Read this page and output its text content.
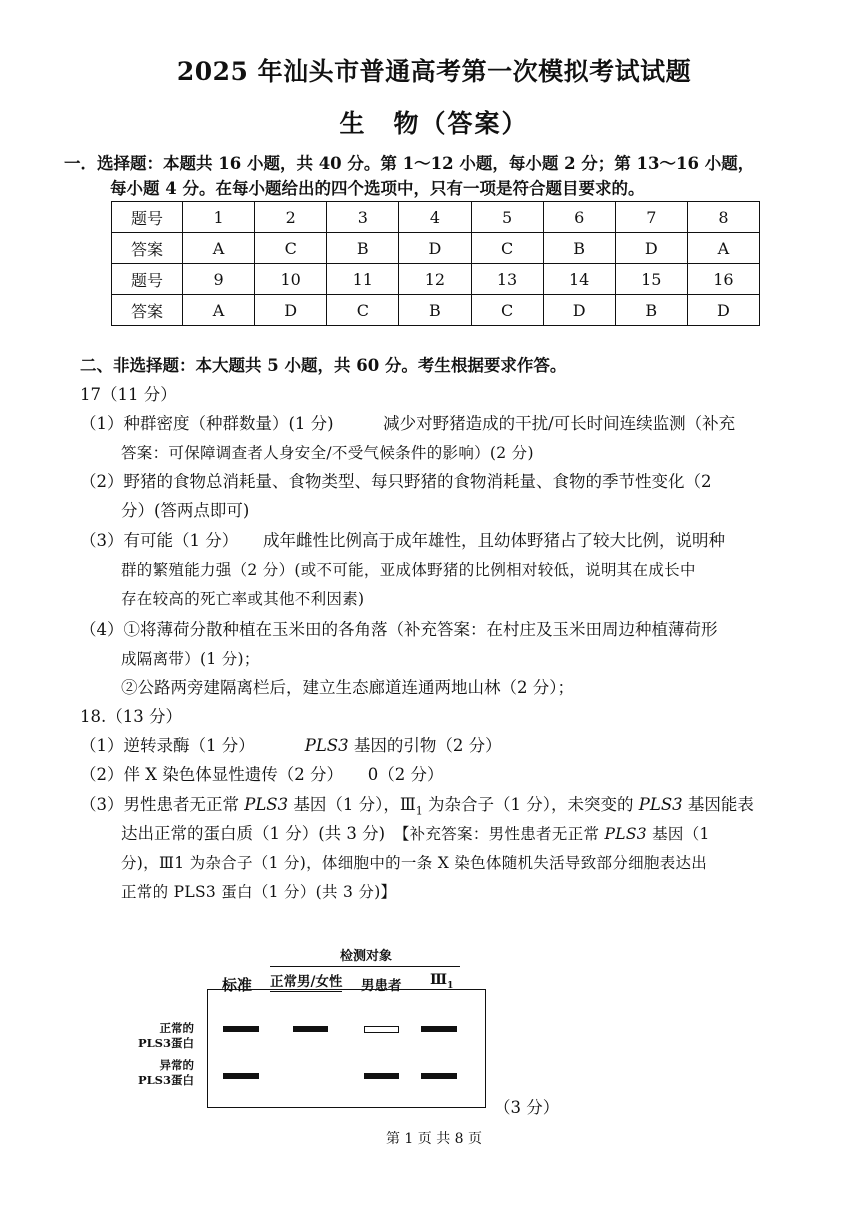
2025 年汕头市普通高考第一次模拟考试试题
生　物（答案）
一．选择题：本题共 16 小题，共 40 分。第 1～12 小题，每小题 2 分；第 13～16 小题，
每小题 4 分。在每小题给出的四个选项中，只有一项是符合题目要求的。
题号	1	2	3	4	5	6	7	8
答案	A	C	B	D	C	B	D	A
题号	9	10	11	12	13	14	15	16
答案	A	D	C	B	C	D	B	D
二、非选择题：本大题共 5 小题，共 60 分。考生根据要求作答。
17（11 分）
（1）种群密度（种群数量）(1 分)　　　减少对野猪造成的干扰/可长时间连续监测（补充
答案：可保障调查者人身安全/不受气候条件的影响）(2 分)
（2）野猪的食物总消耗量、食物类型、每只野猪的食物消耗量、食物的季节性变化（2
分）(答两点即可)
（3）有可能（1 分）　　成年雌性比例高于成年雄性，且幼体野猪占了较大比例，说明种
群的繁殖能力强（2 分）(或不可能，亚成体野猪的比例相对较低，说明其在成长中
存在较高的死亡率或其他不利因素)
（4）①将薄荷分散种植在玉米田的各角落（补充答案：在村庄及玉米田周边种植薄荷形
成隔离带）(1 分)；
②公路两旁建隔离栏后，建立生态廊道连通两地山林（2 分）；
18.（13 分）
（1）逆转录酶（1 分）	PLS3 基因的引物（2 分）
（2）伴 X 染色体显性遗传（2 分）　　0（2 分）
（3）男性患者无正常 PLS3 基因（1 分），$Ⅲ_1$ 为杂合子（1 分），未突变的 PLS3 基因能表
达出正常的蛋白质（1 分）(共 3 分)　【补充答案：男性患者无正常 PLS3 基因（1
分)，Ⅲ1 为杂合子（1 分)，体细胞中的一条 X 染色体随机失活导致部分细胞表达出
正常的 PLS3 蛋白（1 分）(共 3 分)】
检测对象
标准 正常男/女性 男患者 $Ⅲ_1$
正常的
PLS3蛋白
异常的
PLS3蛋白
（3 分）
第 1 页 共 8 页
